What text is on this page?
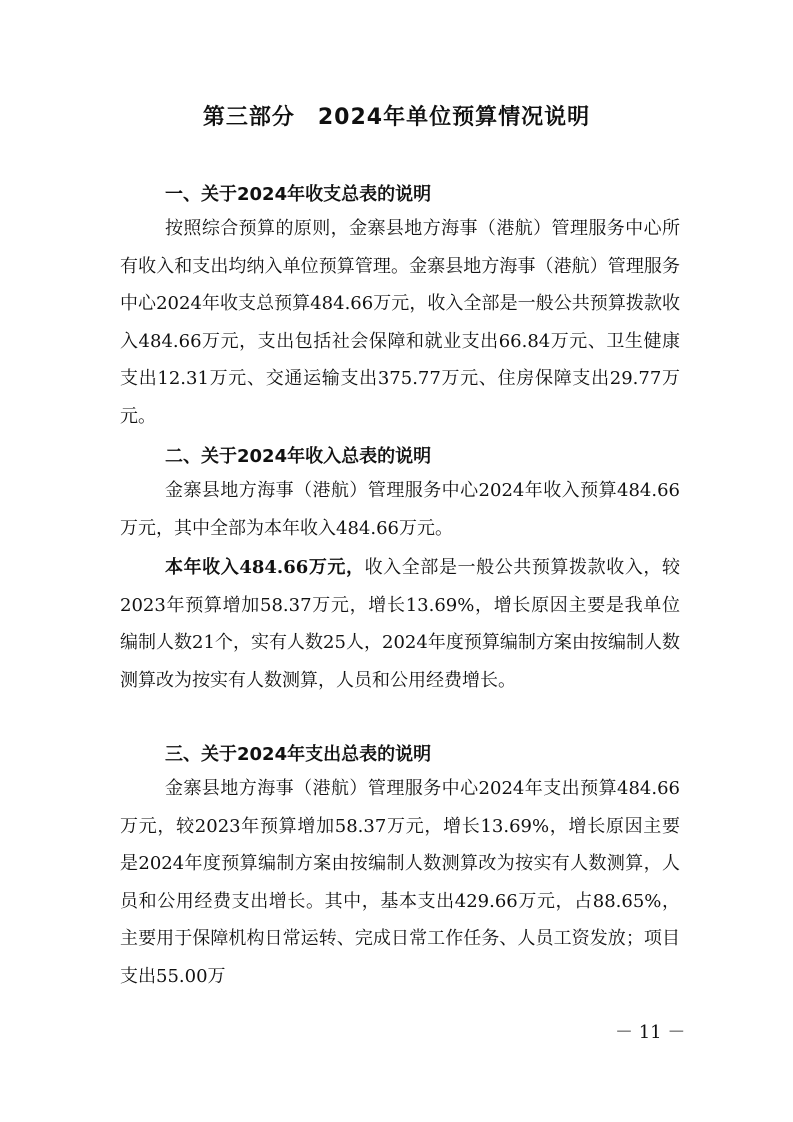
第三部分　2024年单位预算情况说明
一、关于2024年收支总表的说明

按照综合预算的原则，金寨县地方海事（港航）管理服务中心所有收入和支出均纳入单位预算管理。金寨县地方海事（港航）管理服务中心2024年收支总预算484.66万元，收入全部是一般公共预算拨款收入484.66万元，支出包括社会保障和就业支出66.84万元、卫生健康支出12.31万元、交通运输支出375.77万元、住房保障支出29.77万元。

二、关于2024年收入总表的说明

金寨县地方海事（港航）管理服务中心2024年收入预算484.66万元，其中全部为本年收入484.66万元。

本年收入484.66万元，收入全部是一般公共预算拨款收入，较2023年预算增加58.37万元，增长13.69%，增长原因主要是我单位编制人数21个，实有人数25人，2024年度预算编制方案由按编制人数测算改为按实有人数测算，人员和公用经费增长。

三、关于2024年支出总表的说明

金寨县地方海事（港航）管理服务中心2024年支出预算484.66万元，较2023年预算增加58.37万元，增长13.69%，增长原因主要是2024年度预算编制方案由按编制人数测算改为按实有人数测算，人员和公用经费支出增长。其中，基本支出429.66万元，占88.65%，主要用于保障机构日常运转、完成日常工作任务、人员工资发放；项目支出55.00万

－ 11 －
